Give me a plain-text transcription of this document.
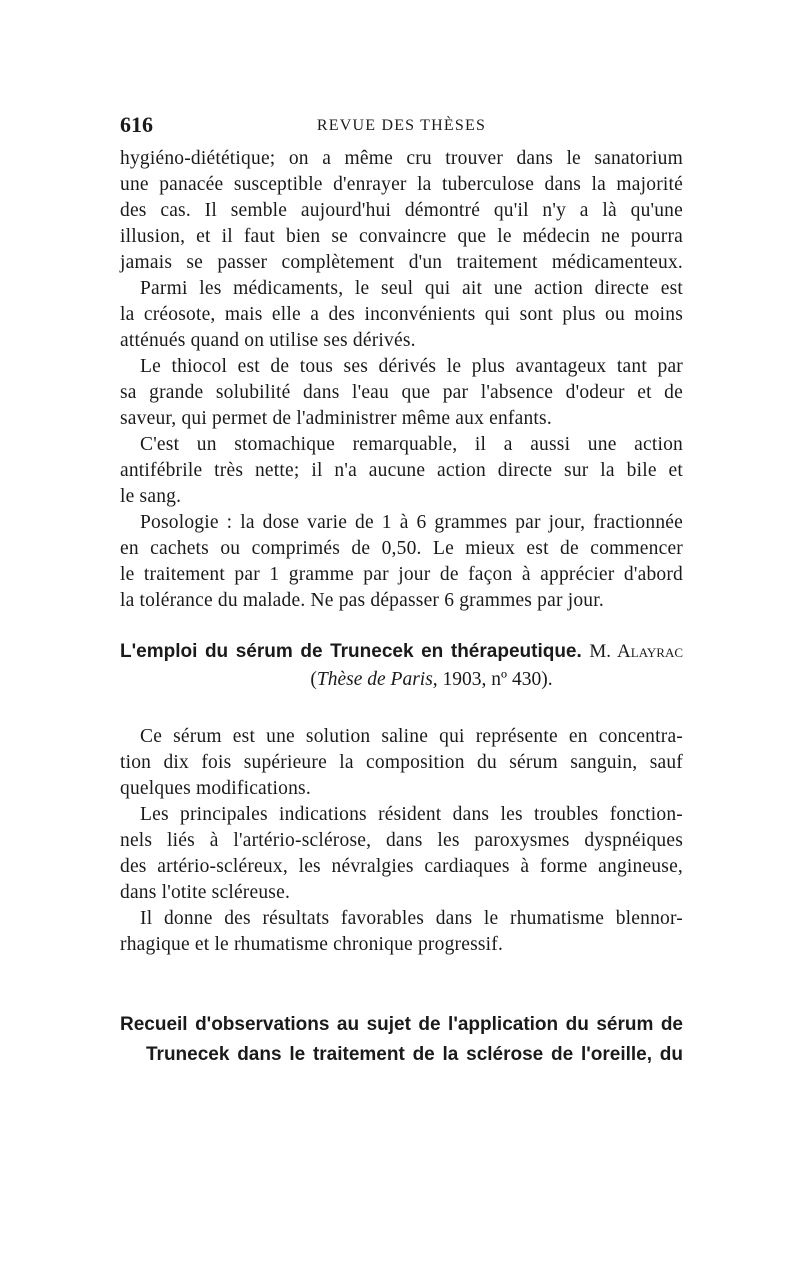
616	REVUE DES THÈSES
hygiéno-diététique; on a même cru trouver dans le sanatorium
une panacée susceptible d'enrayer la tuberculose dans la majorité
des cas. Il semble aujourd'hui démontré qu'il n'y a là qu'une
illusion, et il faut bien se convaincre que le médecin ne pourra
jamais se passer complètement d'un traitement médicamenteux.
Parmi les médicaments, le seul qui ait une action directe est
la créosote, mais elle a des inconvénients qui sont plus ou moins
atténués quand on utilise ses dérivés.
Le thiocol est de tous ses dérivés le plus avantageux tant par
sa grande solubilité dans l'eau que par l'absence d'odeur et de
saveur, qui permet de l'administrer même aux enfants.
C'est un stomachique remarquable, il a aussi une action
antifébrile très nette; il n'a aucune action directe sur la bile et
le sang.
Posologie : la dose varie de 1 à 6 grammes par jour, fractionnée
en cachets ou comprimés de 0,50. Le mieux est de commencer
le traitement par 1 gramme par jour de façon à apprécier d'abord
la tolérance du malade. Ne pas dépasser 6 grammes par jour.
L'emploi du sérum de Trunecek en thérapeutique. M. Alayrac
(Thèse de Paris, 1903, nº 430).
Ce sérum est une solution saline qui représente en concentra-
tion dix fois supérieure la composition du sérum sanguin, sauf
quelques modifications.
Les principales indications résident dans les troubles fonction-
nels liés à l'artério-sclérose, dans les paroxysmes dyspnéiques
des artério-scléreux, les névralgies cardiaques à forme angineuse,
dans l'otite scléreuse.
Il donne des résultats favorables dans le rhumatisme blennor-
rhagique et le rhumatisme chronique progressif.
Recueil d'observations au sujet de l'application du sérum de
Trunecek dans le traitement de la sclérose de l'oreille, du
